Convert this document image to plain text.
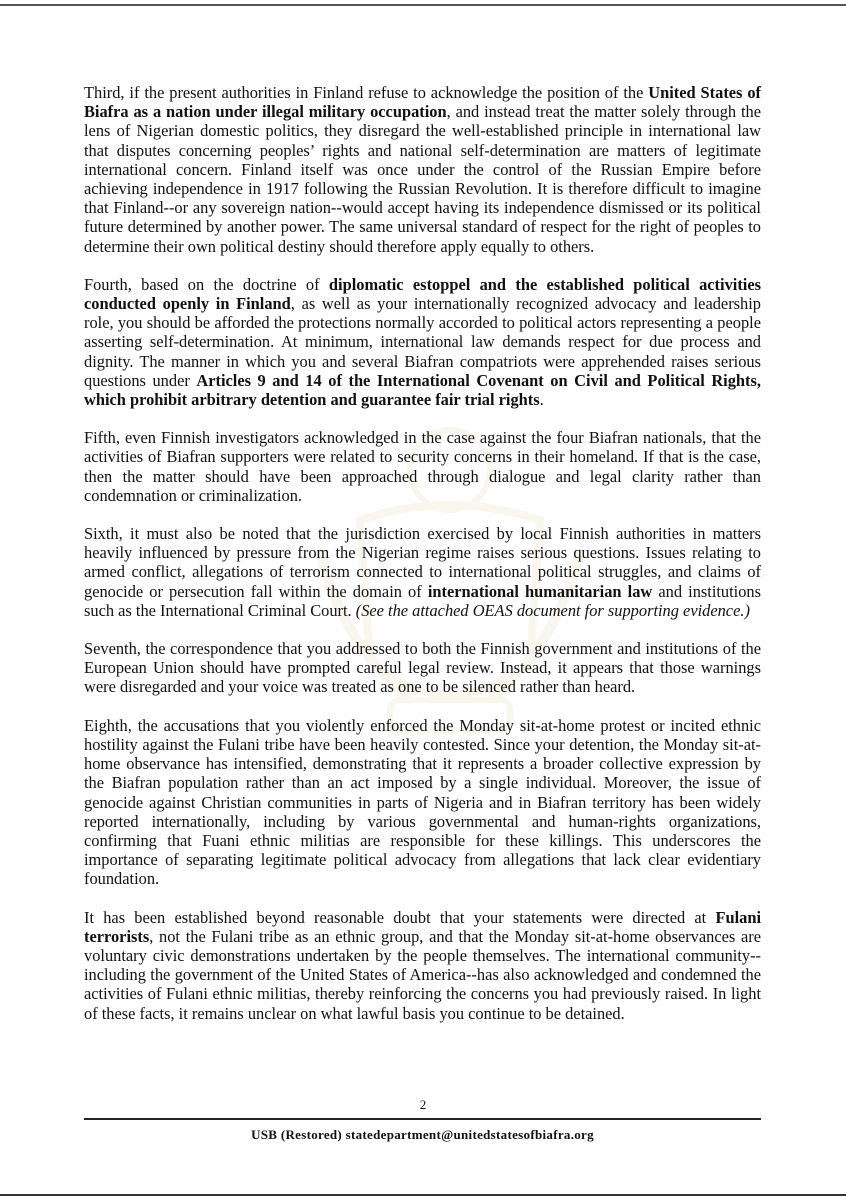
Third, if the present authorities in Finland refuse to acknowledge the position of the United States of Biafra as a nation under illegal military occupation, and instead treat the matter solely through the lens of Nigerian domestic politics, they disregard the well-established principle in international law that disputes concerning peoples’ rights and national self-determination are matters of legitimate international concern. Finland itself was once under the control of the Russian Empire before achieving independence in 1917 following the Russian Revolution. It is therefore difficult to imagine that Finland--or any sovereign nation--would accept having its independence dismissed or its political future determined by another power. The same universal standard of respect for the right of peoples to determine their own political destiny should therefore apply equally to others.

Fourth, based on the doctrine of diplomatic estoppel and the established political activities conducted openly in Finland, as well as your internationally recognized advocacy and leadership role, you should be afforded the protections normally accorded to political actors representing a people asserting self-determination. At minimum, international law demands respect for due process and dignity. The manner in which you and several Biafran compatriots were apprehended raises serious questions under Articles 9 and 14 of the International Covenant on Civil and Political Rights, which prohibit arbitrary detention and guarantee fair trial rights.

Fifth, even Finnish investigators acknowledged in the case against the four Biafran nationals, that the activities of Biafran supporters were related to security concerns in their homeland. If that is the case, then the matter should have been approached through dialogue and legal clarity rather than condemnation or criminalization.

Sixth, it must also be noted that the jurisdiction exercised by local Finnish authorities in matters heavily influenced by pressure from the Nigerian regime raises serious questions. Issues relating to armed conflict, allegations of terrorism connected to international political struggles, and claims of genocide or persecution fall within the domain of international humanitarian law and institutions such as the International Criminal Court. (See the attached OEAS document for supporting evidence.)

Seventh, the correspondence that you addressed to both the Finnish government and institutions of the European Union should have prompted careful legal review. Instead, it appears that those warnings were disregarded and your voice was treated as one to be silenced rather than heard.

Eighth, the accusations that you violently enforced the Monday sit-at-home protest or incited ethnic hostility against the Fulani tribe have been heavily contested. Since your detention, the Monday sit-at-home observance has intensified, demonstrating that it represents a broader collective expression by the Biafran population rather than an act imposed by a single individual. Moreover, the issue of genocide against Christian communities in parts of Nigeria and in Biafran territory has been widely reported internationally, including by various governmental and human-rights organizations, confirming that Fuani ethnic militias are responsible for these killings. This underscores the importance of separating legitimate political advocacy from allegations that lack clear evidentiary foundation.

It has been established beyond reasonable doubt that your statements were directed at Fulani terrorists, not the Fulani tribe as an ethnic group, and that the Monday sit-at-home observances are voluntary civic demonstrations undertaken by the people themselves. The international community--including the government of the United States of America--has also acknowledged and condemned the activities of Fulani ethnic militias, thereby reinforcing the concerns you had previously raised. In light of these facts, it remains unclear on what lawful basis you continue to be detained.

2
USB (Restored) statedepartment@unitedstatesofbiafra.org
